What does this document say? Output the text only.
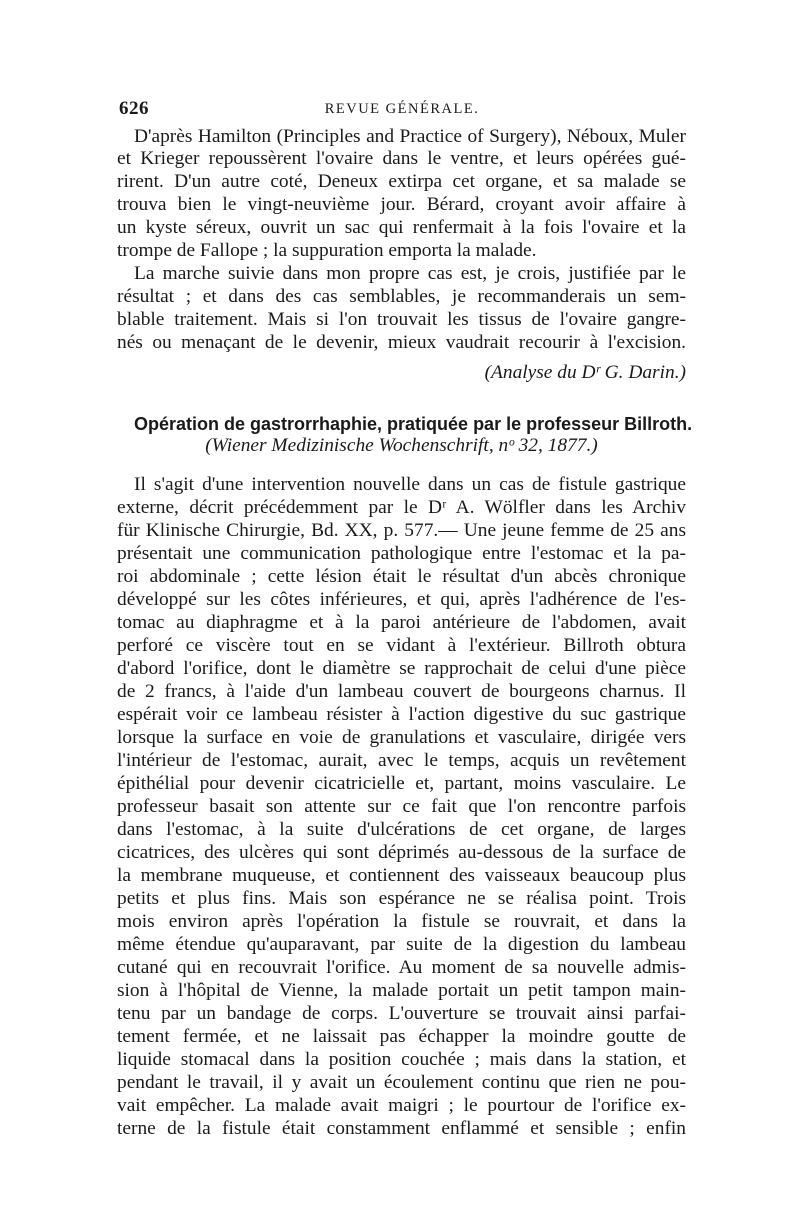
626	REVUE GÉNÉRALE.
D'après Hamilton (Principles and Practice of Surgery), Néboux, Muler
et Krieger repoussèrent l'ovaire dans le ventre, et leurs opérées gué-
rirent. D'un autre coté, Deneux extirpa cet organe, et sa malade se
trouva bien le vingt-neuvième jour. Bérard, croyant avoir affaire à
un kyste séreux, ouvrit un sac qui renfermait à la fois l'ovaire et la
trompe de Fallope ; la suppuration emporta la malade.
La marche suivie dans mon propre cas est, je crois, justifiée par le
résultat ; et dans des cas semblables, je recommanderais un sem-
blable traitement. Mais si l'on trouvait les tissus de l'ovaire gangre-
nés ou menaçant de le devenir, mieux vaudrait recourir à l'excision.
(Analyse du Dʳ G. Darin.)
Opération de gastrorrhaphie, pratiquée par le professeur Billroth.
(Wiener Medizinische Wochenschrift, nᵒ 32, 1877.)
Il s'agit d'une intervention nouvelle dans un cas de fistule gastrique
externe, décrit précédemment par le Dʳ A. Wölfler dans les Archiv
für Klinische Chirurgie, Bd. XX, p. 577.— Une jeune femme de 25 ans
présentait une communication pathologique entre l'estomac et la pa-
roi abdominale ; cette lésion était le résultat d'un abcès chronique
développé sur les côtes inférieures, et qui, après l'adhérence de l'es-
tomac au diaphragme et à la paroi antérieure de l'abdomen, avait
perforé ce viscère tout en se vidant à l'extérieur. Billroth obtura
d'abord l'orifice, dont le diamètre se rapprochait de celui d'une pièce
de 2 francs, à l'aide d'un lambeau couvert de bourgeons charnus. Il
espérait voir ce lambeau résister à l'action digestive du suc gastrique
lorsque la surface en voie de granulations et vasculaire, dirigée vers
l'intérieur de l'estomac, aurait, avec le temps, acquis un revêtement
épithélial pour devenir cicatricielle et, partant, moins vasculaire. Le
professeur basait son attente sur ce fait que l'on rencontre parfois
dans l'estomac, à la suite d'ulcérations de cet organe, de larges
cicatrices, des ulcères qui sont déprimés au-dessous de la surface de
la membrane muqueuse, et contiennent des vaisseaux beaucoup plus
petits et plus fins. Mais son espérance ne se réalisa point. Trois
mois environ après l'opération la fistule se rouvrait, et dans la
même étendue qu'auparavant, par suite de la digestion du lambeau
cutané qui en recouvrait l'orifice. Au moment de sa nouvelle admis-
sion à l'hôpital de Vienne, la malade portait un petit tampon main-
tenu par un bandage de corps. L'ouverture se trouvait ainsi parfai-
tement fermée, et ne laissait pas échapper la moindre goutte de
liquide stomacal dans la position couchée ; mais dans la station, et
pendant le travail, il y avait un écoulement continu que rien ne pou-
vait empêcher. La malade avait maigri ; le pourtour de l'orifice ex-
terne de la fistule était constamment enflammé et sensible ; enfin
